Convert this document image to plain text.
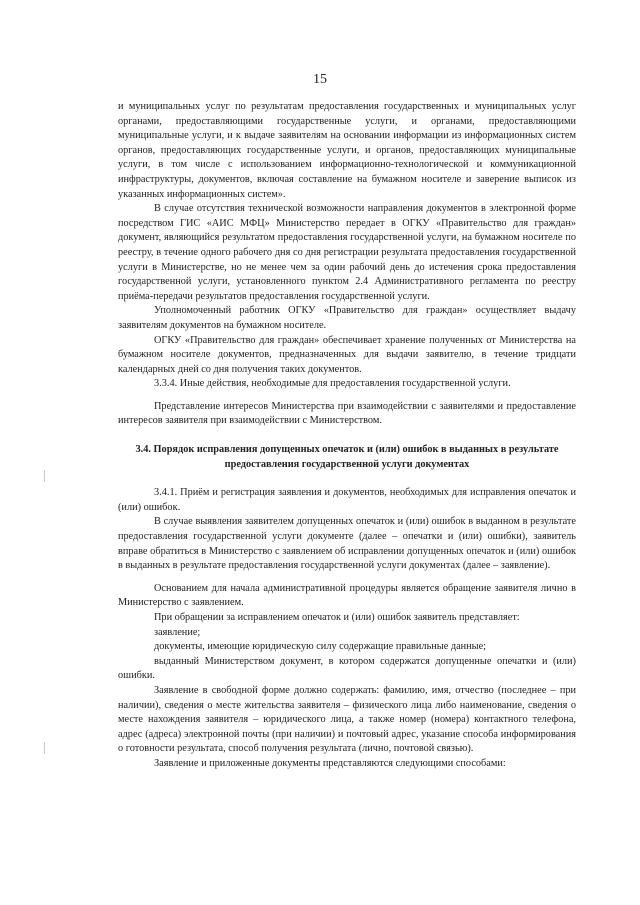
15

и муниципальных услуг по результатам предоставления государственных и муниципальных услуг органами, предоставляющими государственные услуги, и органами, предоставляющими муниципальные услуги, и к выдаче заявителям на основании информации из информационных систем органов, предоставляющих государственные услуги, и органов, предоставляющих муниципальные услуги, в том числе с использованием информационно-технологической и коммуникационной инфраструктуры, документов, включая составление на бумажном носителе и заверение выписок из указанных информационных систем».

В случае отсутствия технической возможности направления документов в электронной форме посредством ГИС «АИС МФЦ» Министерство передает в ОГКУ «Правительство для граждан» документ, являющийся результатом предоставления государственной услуги, на бумажном носителе по реестру, в течение одного рабочего дня со дня регистрации результата предоставления государственной услуги в Министерстве, но не менее чем за один рабочий день до истечения срока предоставления государственной услуги, установленного пунктом 2.4 Административного регламента по реестру приёма-передачи результатов предоставления государственной услуги.

Уполномоченный работник ОГКУ «Правительство для граждан» осуществляет выдачу заявителям документов на бумажном носителе.

ОГКУ «Правительство для граждан» обеспечивает хранение полученных от Министерства на бумажном носителе документов, предназначенных для выдачи заявителю, в течение тридцати календарных дней со дня получения таких документов.

3.3.4. Иные действия, необходимые для предоставления государственной услуги.

Представление интересов Министерства при взаимодействии с заявителями и предоставление интересов заявителя при взаимодействии с Министерством.

3.4. Порядок исправления допущенных опечаток и (или) ошибок в выданных в результате предоставления государственной услуги документах

3.4.1. Приём и регистрация заявления и документов, необходимых для исправления опечаток и (или) ошибок.

В случае выявления заявителем допущенных опечаток и (или) ошибок в выданном в результате предоставления государственной услуги документе (далее – опечатки и (или) ошибки), заявитель вправе обратиться в Министерство с заявлением об исправлении допущенных опечаток и (или) ошибок в выданных в результате предоставления государственной услуги документах (далее – заявление).

Основанием для начала административной процедуры является обращение заявителя лично в Министерство с заявлением.

При обращении за исправлением опечаток и (или) ошибок заявитель представляет:

заявление;

документы, имеющие юридическую силу содержащие правильные данные;

выданный Министерством документ, в котором содержатся допущенные опечатки и (или) ошибки.

Заявление в свободной форме должно содержать: фамилию, имя, отчество (последнее – при наличии), сведения о месте жительства заявителя – физического лица либо наименование, сведения о месте нахождения заявителя – юридического лица, а также номер (номера) контактного телефона, адрес (адреса) электронной почты (при наличии) и почтовый адрес, указание способа информирования о готовности результата, способ получения результата (лично, почтовой связью).

Заявление и приложенные документы представляются следующими способами:
